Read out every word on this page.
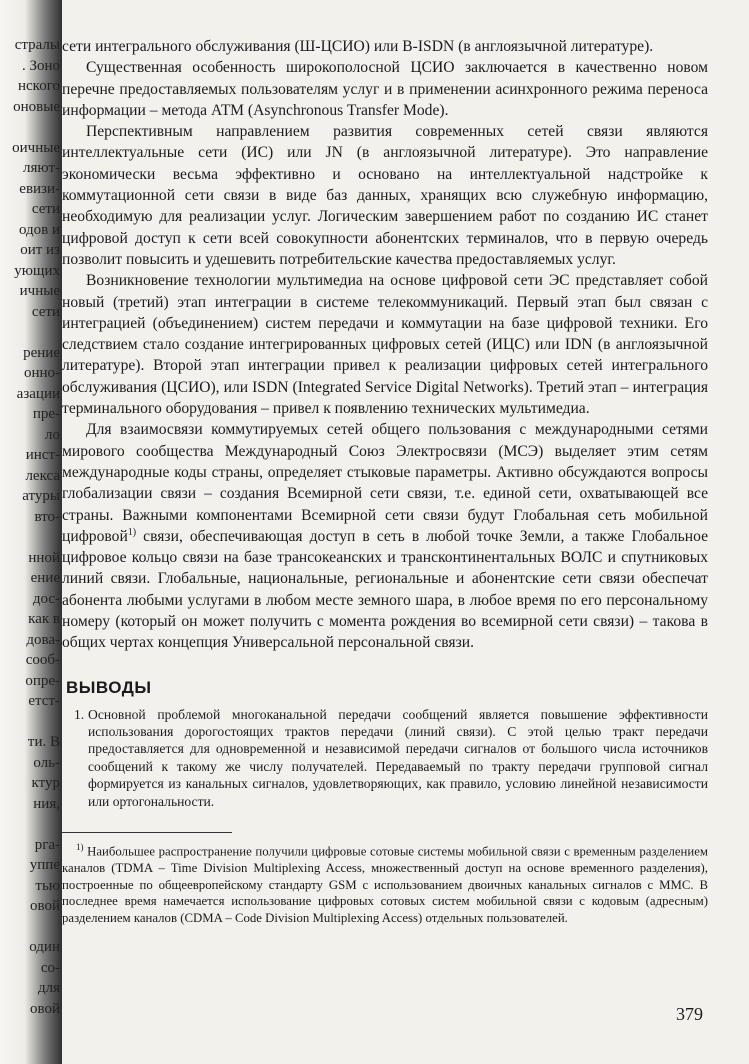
стралы
. Зоно
нского
оновые
оичные
ляют-
евизи-
сети
одов и
оит из
ующих
ичные
сети
рение
онно-
азации
пре-
ло
инст-
лекса
атуры
вто-
нной
ение
дос-
как в
дова-
сооб-
опре-
етст-
ти. В
оль-
ктур
ния,
рга-
уппе
тью
овой
один
со-
для
овой

сети интегрального обслуживания (Ш-ЦСИО) или B-ISDN (в англоязычной литературе).

Существенная особенность широкополосной ЦСИО заключается в качественно новом перечне предоставляемых пользователям услуг и в применении асинхронного режима переноса информации – метода АТМ (Asynchronous Transfer Mode).

Перспективным направлением развития современных сетей связи являются интеллектуальные сети (ИС) или JN (в англоязычной литературе). Это направление экономически весьма эффективно и основано на интеллектуальной надстройке к коммутационной сети связи в виде баз данных, хранящих всю служебную информацию, необходимую для реализации услуг. Логическим завершением работ по созданию ИС станет цифровой доступ к сети всей совокупности абонентских терминалов, что в первую очередь позволит повысить и удешевить потребительские качества предоставляемых услуг.

Возникновение технологии мультимедиа на основе цифровой сети ЭС представляет собой новый (третий) этап интеграции в системе телекоммуникаций. Первый этап был связан с интеграцией (объединением) систем передачи и коммутации на базе цифровой техники. Его следствием стало создание интегрированных цифровых сетей (ИЦС) или IDN (в англоязычной литературе). Второй этап интеграции привел к реализации цифровых сетей интегрального обслуживания (ЦСИО), или ISDN (Integrated Service Digital Networks). Третий этап – интеграция терминального оборудования – привел к появлению технических мультимедиа.

Для взаимосвязи коммутируемых сетей общего пользования с международными сетями мирового сообщества Международный Союз Электросвязи (МСЭ) выделяет этим сетям международные коды страны, определяет стыковые параметры. Активно обсуждаются вопросы глобализации связи – создания Всемирной сети связи, т.е. единой сети, охватывающей все страны. Важными компонентами Всемирной сети связи будут Глобальная сеть мобильной цифровой$^{1)}$ связи, обеспечивающая доступ в сеть в любой точке Земли, а также Глобальное цифровое кольцо связи на базе трансокеанских и трансконтинентальных ВОЛС и спутниковых линий связи. Глобальные, национальные, региональные и абонентские сети связи обеспечат абонента любыми услугами в любом месте земного шара, в любое время по его персональному номеру (который он может получить с момента рождения во всемирной сети связи) – такова в общих чертах концепция Универсальной персональной связи.

ВЫВОДЫ

1. Основной проблемой многоканальной передачи сообщений является повышение эффективности использования дорогостоящих трактов передачи (линий связи). С этой целью тракт передачи предоставляется для одновременной и независимой передачи сигналов от большого числа источников сообщений к такому же числу получателей. Передаваемый по тракту передачи групповой сигнал формируется из канальных сигналов, удовлетворяющих, как правило, условию линейной независимости или ортогональности.

$^{1)}$ Наибольшее распространение получили цифровые сотовые системы мобильной связи с временным разделением каналов (TDMA – Time Division Multiplexing Access, множественный доступ на основе временного разделения), построенные по общеевропейскому стандарту GSM с использованием двоичных канальных сигналов с ММС. В последнее время намечается использование цифровых сотовых систем мобильной связи с кодовым (адресным) разделением каналов (CDMA – Code Division Multiplexing Access) отдельных пользователей.

379
